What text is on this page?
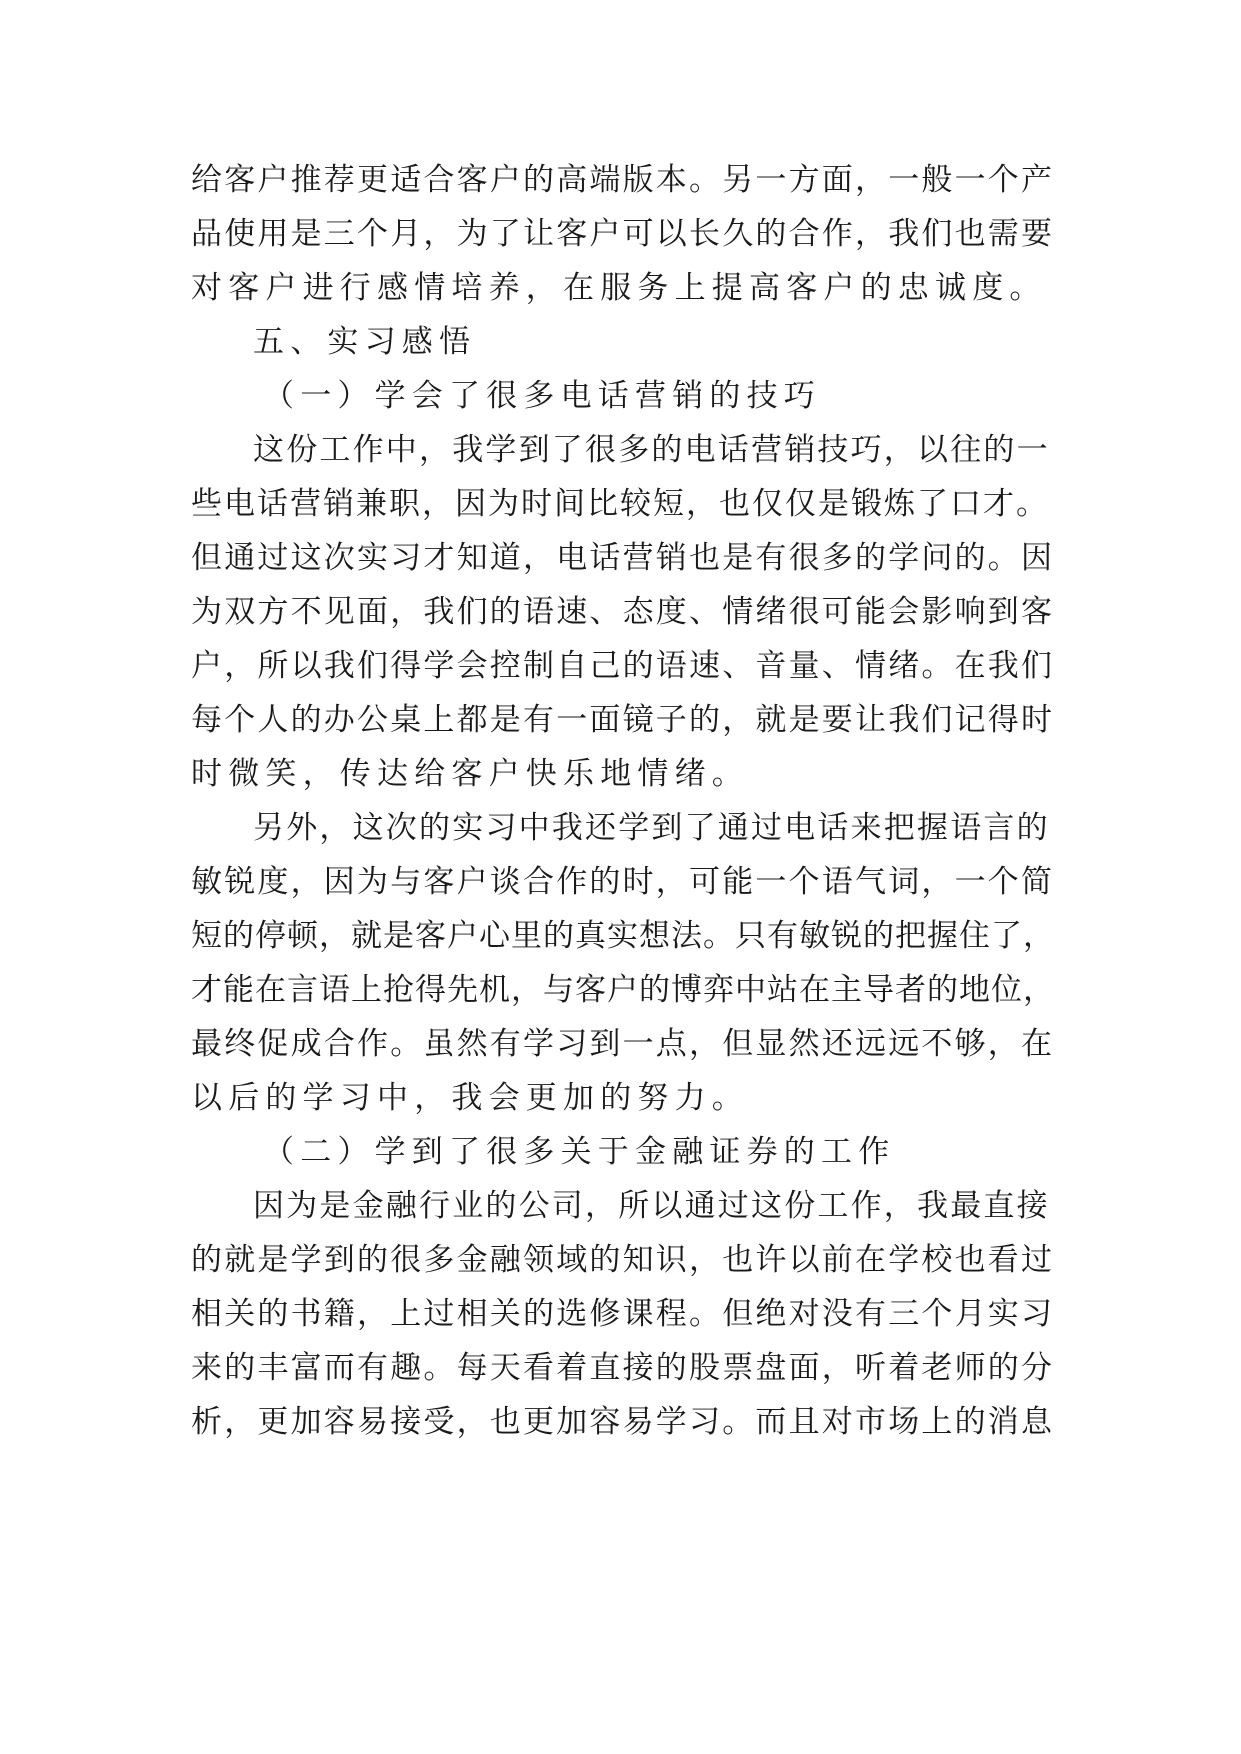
给客户推荐更适合客户的高端版本。另一方面，一般一个产
品使用是三个月，为了让客户可以长久的合作，我们也需要
对客户进行感情培养，在服务上提高客户的忠诚度。
五、实习感悟
（一）学会了很多电话营销的技巧
这份工作中，我学到了很多的电话营销技巧，以往的一
些电话营销兼职，因为时间比较短，也仅仅是锻炼了口才。
但通过这次实习才知道，电话营销也是有很多的学问的。因
为双方不见面，我们的语速、态度、情绪很可能会影响到客
户，所以我们得学会控制自己的语速、音量、情绪。在我们
每个人的办公桌上都是有一面镜子的，就是要让我们记得时
时微笑，传达给客户快乐地情绪。
另外，这次的实习中我还学到了通过电话来把握语言的
敏锐度，因为与客户谈合作的时，可能一个语气词，一个简
短的停顿，就是客户心里的真实想法。只有敏锐的把握住了，
才能在言语上抢得先机，与客户的博弈中站在主导者的地位，
最终促成合作。虽然有学习到一点，但显然还远远不够，在
以后的学习中，我会更加的努力。
（二）学到了很多关于金融证券的工作
因为是金融行业的公司，所以通过这份工作，我最直接
的就是学到的很多金融领域的知识，也许以前在学校也看过
相关的书籍，上过相关的选修课程。但绝对没有三个月实习
来的丰富而有趣。每天看着直接的股票盘面，听着老师的分
析，更加容易接受，也更加容易学习。而且对市场上的消息
